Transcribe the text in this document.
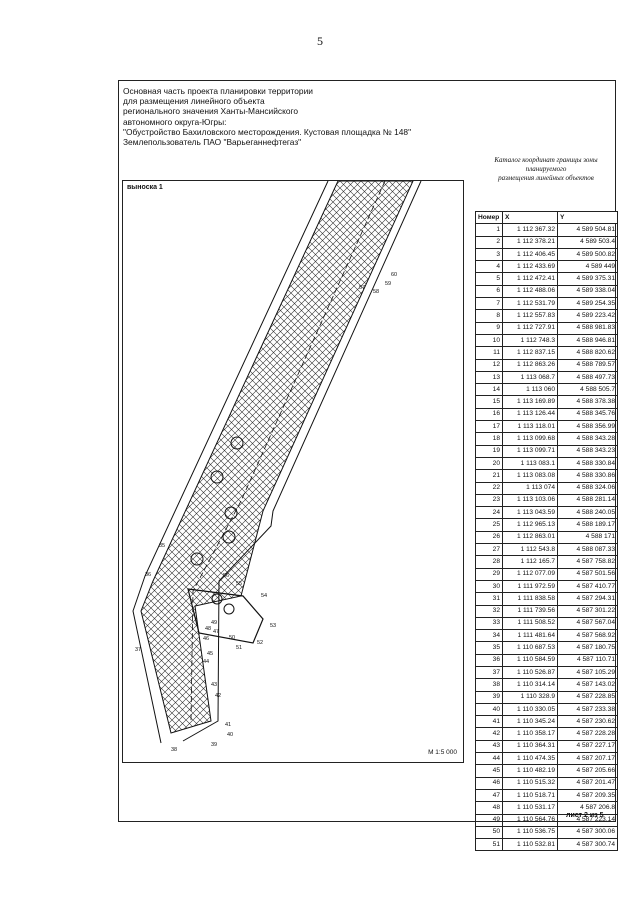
5
Основная часть проекта планировки территории
для размещения линейного объекта
регионального значения Ханты-Мансийского
автономного округа-Югры:
"Обустройство Бахиловского месторождения. Кустовая площадка № 148"
Землепользователь ПАО "Варьеганнефтегаз"
Каталог координат границы зоны
планируемого
размещения линейных объектов
60
59
57
58
35
36
37
38
39
40
41
42
43
44
45
46
47
48
49
50
51
52
53
54
55
56
выноска 1
М 1:5 000
Номер	X	Y
1	1 112 367.32	4 589 504.81
2	1 112 378.21	4 589 503.4
3	1 112 406.45	4 589 500.82
4	1 112 433.69	4 589 449
5	1 112 472.41	4 589 375.31
6	1 112 488.06	4 589 338.04
7	1 112 531.79	4 589 254.35
8	1 112 557.83	4 589 223.42
9	1 112 727.91	4 588 981.83
10	1 112 748.3	4 588 946.81
11	1 112 837.15	4 588 820.62
12	1 112 863.26	4 588 789.57
13	1 113 068.7	4 588 497.73
14	1 113 060	4 588 505.7
15	1 113 169.89	4 588 378.38
16	1 113 126.44	4 588 345.76
17	1 113 118.01	4 588 356.99
18	1 113 099.68	4 588 343.28
19	1 113 099.71	4 588 343.23
20	1 113 083.1	4 588 330.84
21	1 113 083.08	4 588 330.86
22	1 113 074	4 588 324.06
23	1 113 103.06	4 588 281.14
24	1 113 043.59	4 588 240.05
25	1 112 965.13	4 588 189.17
26	1 112 863.01	4 588 171
27	1 112 543.8	4 588 087.33
28	1 112 165.7	4 587 758.82
29	1 112 077.09	4 587 501.56
30	1 111 972.59	4 587 410.77
31	1 111 838.58	4 587 294.31
32	1 111 739.56	4 587 301.22
33	1 111 508.52	4 587 567.04
34	1 111 481.64	4 587 568.92
35	1 110 687.53	4 587 180.75
36	1 110 584.59	4 587 110.71
37	1 110 526.87	4 587 105.29
38	1 110 314.14	4 587 143.02
39	1 110 328.9	4 587 228.85
40	1 110 330.05	4 587 233.38
41	1 110 345.24	4 587 230.62
42	1 110 358.17	4 587 228.28
43	1 110 364.31	4 587 227.17
44	1 110 474.35	4 587 207.17
45	1 110 482.19	4 587 205.66
46	1 110 515.32	4 587 201.47
47	1 110 518.71	4 587 209.35
48	1 110 531.17	4 587 206.8
49	1 110 564.76	4 587 223.14
50	1 110 536.75	4 587 300.06
51	1 110 532.81	4 587 300.74
лист 2 из 5
